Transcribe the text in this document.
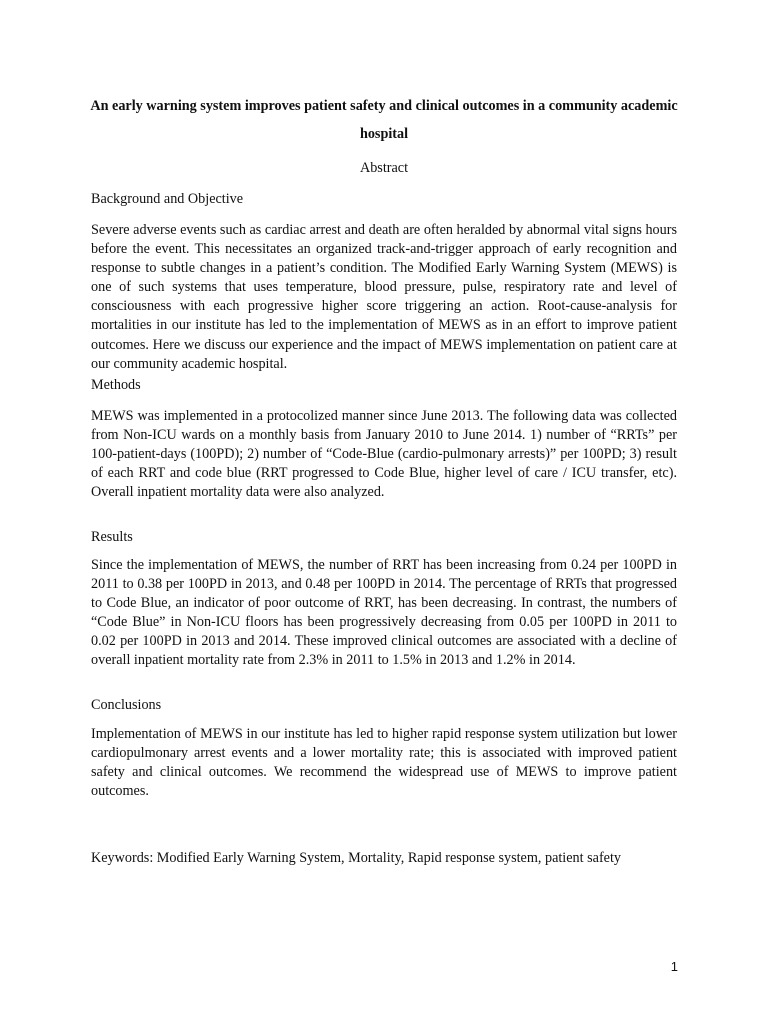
An early warning system improves patient safety and clinical outcomes in a community academic hospital
Abstract
Background and Objective
Severe adverse events such as cardiac arrest and death are often heralded by abnormal vital signs hours before the event. This necessitates an organized track-and-trigger approach of early recognition and response to subtle changes in a patient’s condition. The Modified Early Warning System (MEWS) is one of such systems that uses temperature, blood pressure, pulse, respiratory rate and level of consciousness with each progressive higher score triggering an action. Root-cause-analysis for mortalities in our institute has led to the implementation of MEWS as in an effort to improve patient outcomes. Here we discuss our experience and the impact of MEWS implementation on patient care at our community academic hospital.
Methods
MEWS was implemented in a protocolized manner since June 2013. The following data was collected from Non-ICU wards on a monthly basis from January 2010 to June 2014. 1) number of “RRTs” per 100-patient-days (100PD); 2) number of “Code-Blue (cardio-pulmonary arrests)” per 100PD; 3) result of each RRT and code blue (RRT progressed to Code Blue, higher level of care / ICU transfer, etc). Overall inpatient mortality data were also analyzed.
Results
Since the implementation of MEWS, the number of RRT has been increasing from 0.24 per 100PD in 2011 to 0.38 per 100PD in 2013, and 0.48 per 100PD in 2014. The percentage of RRTs that progressed to Code Blue, an indicator of poor outcome of RRT, has been decreasing. In contrast, the numbers of “Code Blue” in Non-ICU floors has been progressively decreasing from 0.05 per 100PD in 2011 to 0.02 per 100PD in 2013 and 2014. These improved clinical outcomes are associated with a decline of overall inpatient mortality rate from 2.3% in 2011 to 1.5% in 2013 and 1.2% in 2014.
Conclusions
Implementation of MEWS in our institute has led to higher rapid response system utilization but lower cardiopulmonary arrest events and a lower mortality rate; this is associated with improved patient safety and clinical outcomes. We recommend the widespread use of MEWS to improve patient outcomes.
Keywords: Modified Early Warning System, Mortality, Rapid response system, patient safety
1
